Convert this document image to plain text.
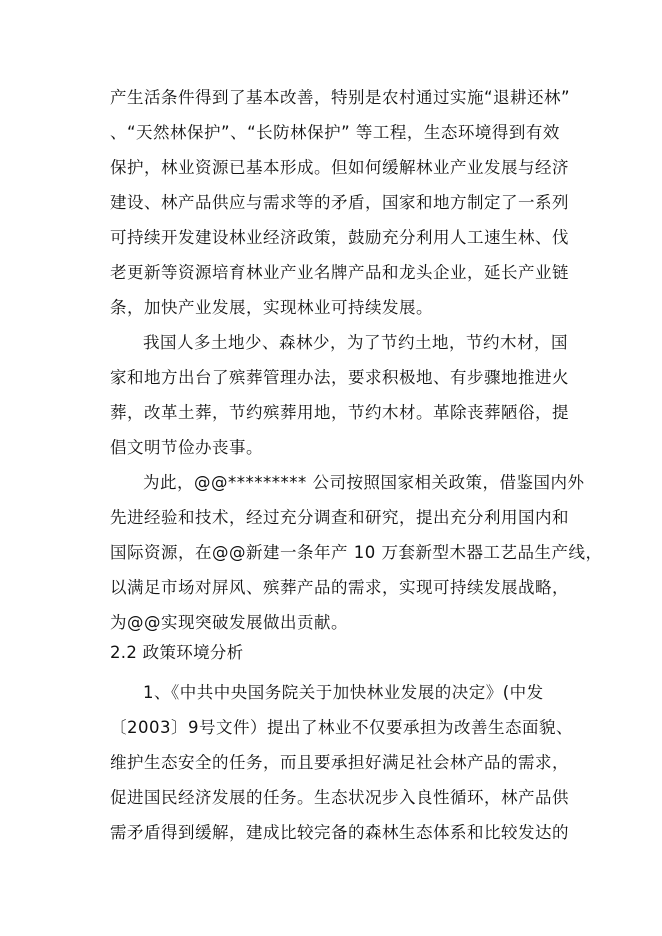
产生活条件得到了基本改善，特别是农村通过实施“退耕还林”
、“天然林保护”、“长防林保护” 等工程，生态环境得到有效
保护，林业资源已基本形成。但如何缓解林业产业发展与经济
建设、林产品供应与需求等的矛盾，国家和地方制定了一系列
可持续开发建设林业经济政策，鼓励充分利用人工速生林、伐
老更新等资源培育林业产业名牌产品和龙头企业，延长产业链
条，加快产业发展，实现林业可持续发展。
我国人多土地少、森林少，为了节约土地，节约木材，国
家和地方出台了殡葬管理办法，要求积极地、有步骤地推进火
葬，改革土葬，节约殡葬用地，节约木材。革除丧葬陋俗，提
倡文明节俭办丧事。
为此，@@********* 公司按照国家相关政策，借鉴国内外
先进经验和技术，经过充分调查和研究，提出充分利用国内和
国际资源，在@@新建一条年产 10 万套新型木器工艺品生产线，
以满足市场对屏风、殡葬产品的需求，实现可持续发展战略，
为@@实现突破发展做出贡献。
2.2 政策环境分析
1、《中共中央国务院关于加快林业发展的决定》(中发
〔2003〕9号文件）提出了林业不仅要承担为改善生态面貌、
维护生态安全的任务，而且要承担好满足社会林产品的需求，
促进国民经济发展的任务。生态状况步入良性循环，林产品供
需矛盾得到缓解，建成比较完备的森林生态体系和比较发达的
